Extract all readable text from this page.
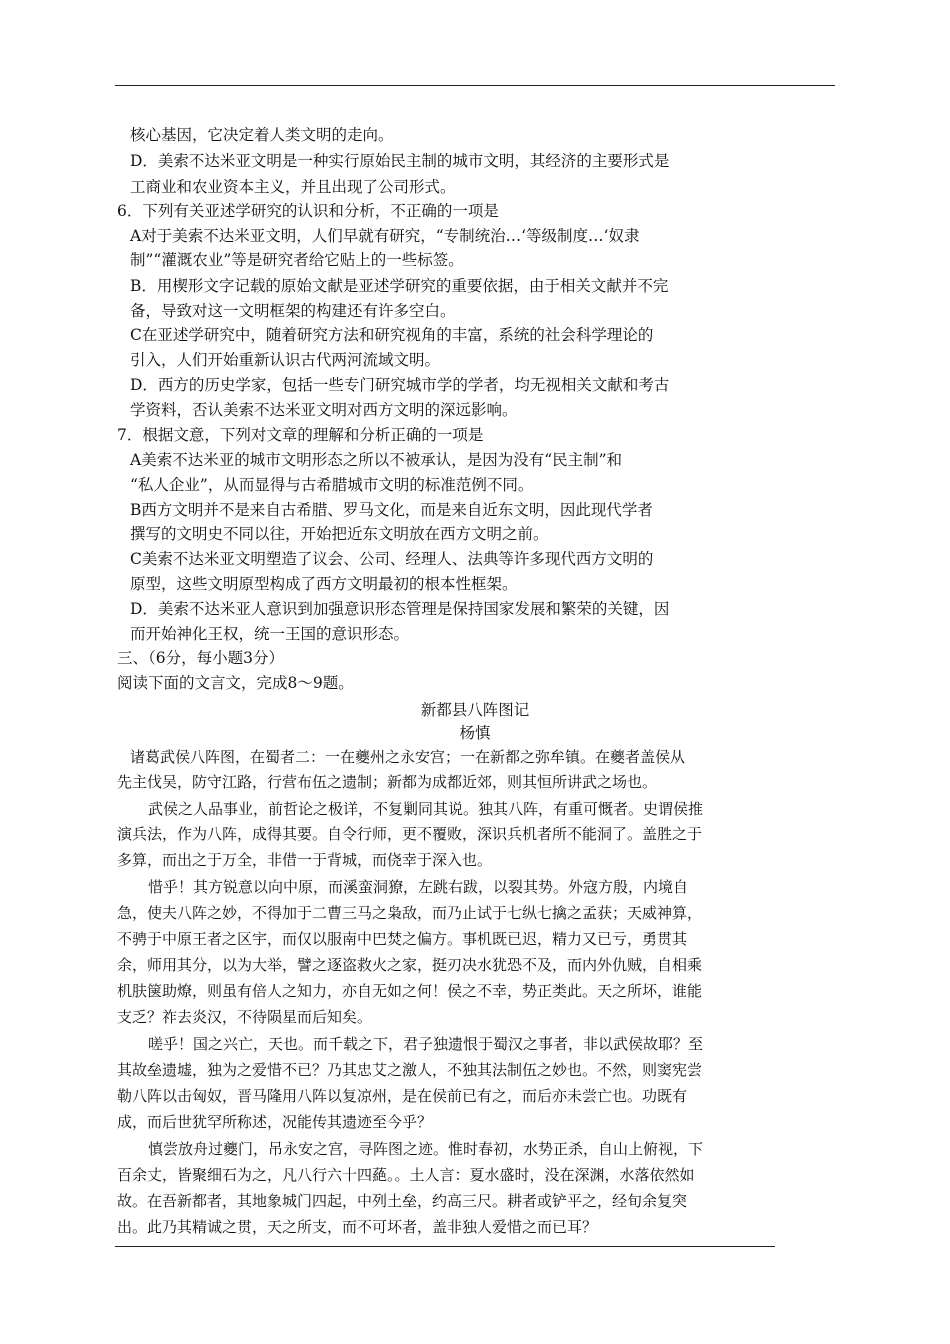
核心基因，它决定着人类文明的走向。
D．美索不达米亚文明是一种实行原始民主制的城市文明，其经济的主要形式是
工商业和农业资本主义，并且出现了公司形式。
6．下列有关亚述学研究的认识和分析，不正确的一项是
A对于美索不达米亚文明，人们早就有研究，“专制统治…‘等级制度…‘奴隶
制”“灌溉农业”等是研究者给它贴上的一些标签。
B．用楔形文字记载的原始文献是亚述学研究的重要依据，由于相关文献并不完
备，导致对这一文明框架的构建还有许多空白。
C在亚述学研究中，随着研究方法和研究视角的丰富，系统的社会科学理论的
引入，人们开始重新认识古代两河流域文明。
D．西方的历史学家，包括一些专门研究城市学的学者，均无视相关文献和考古
学资料，否认美索不达米亚文明对西方文明的深远影响。
7．根据文意，下列对文章的理解和分析正确的一项是
A美索不达米亚的城市文明形态之所以不被承认，是因为没有“民主制”和
“私人企业”，从而显得与古希腊城市文明的标准范例不同。
B西方文明并不是来自古希腊、罗马文化，而是来自近东文明，因此现代学者
撰写的文明史不同以往，开始把近东文明放在西方文明之前。
C美索不达米亚文明塑造了议会、公司、经理人、法典等许多现代西方文明的
原型，这些文明原型构成了西方文明最初的根本性框架。
D．美索不达米亚人意识到加强意识形态管理是保持国家发展和繁荣的关键，因
而开始神化王权，统一王国的意识形态。
三、（6分，每小题3分）
阅读下面的文言文，完成8～9题。
新都县八阵图记
杨慎
诸葛武侯八阵图，在蜀者二：一在夔州之永安宫；一在新都之弥牟镇。在夔者盖侯从
先主伐吴，防守江路，行营布伍之遗制；新都为成都近郊，则其恒所讲武之场也。
武侯之人品事业，前哲论之极详，不复剿同其说。独其八阵，有重可慨者。史谓侯推
演兵法，作为八阵，成得其要。自令行师，更不覆败，深识兵机者所不能洞了。盖胜之于
多算，而出之于万全，非借一于背城，而侥幸于深入也。
惜乎！其方锐意以向中原，而溪蛮洞獠，左跳右跋，以裂其势。外寇方殷，内境自
急，使夫八阵之妙，不得加于二曹三马之枭敌，而乃止试于七纵七擒之孟获；天威神算，
不骋于中原王者之区宇，而仅以服南中巴焚之偏方。事机既已迟，精力又已亏，勇贯其
余，师用其分，以为大举，譬之逐盗救火之家，挺刃决水犹恐不及，而内外仇贼，自相乘
机肤箧助燎，则虽有倍人之知力，亦自无如之何！侯之不幸，势正类此。天之所坏，谁能
支乏？祚去炎汉，不待陨星而后知矣。
嗟乎！国之兴亡，天也。而千载之下，君子独遗恨于蜀汉之事者，非以武侯故耶？至
其故垒遗墟，独为之爱惜不已？乃其忠艾之激人，不独其法制伍之妙也。不然，则窦宪尝
勒八阵以击匈奴，晋马隆用八阵以复凉州，是在侯前已有之，而后亦未尝亡也。功既有
成，而后世犹罕所称述，况能传其遗迹至今乎？
慎尝放舟过夔门，吊永安之宫，寻阵图之迹。惟时春初，水势正杀，自山上俯视，下
百余丈，皆聚细石为之，凡八行六十四蕝。。土人言：夏水盛时，没在深渊，水落依然如
故。在吾新都者，其地象城门四起，中列土垒，约高三尺。耕者或铲平之，经旬余复突
出。此乃其精诚之贯，天之所支，而不可坏者，盖非独人爱惜之而已耳？
